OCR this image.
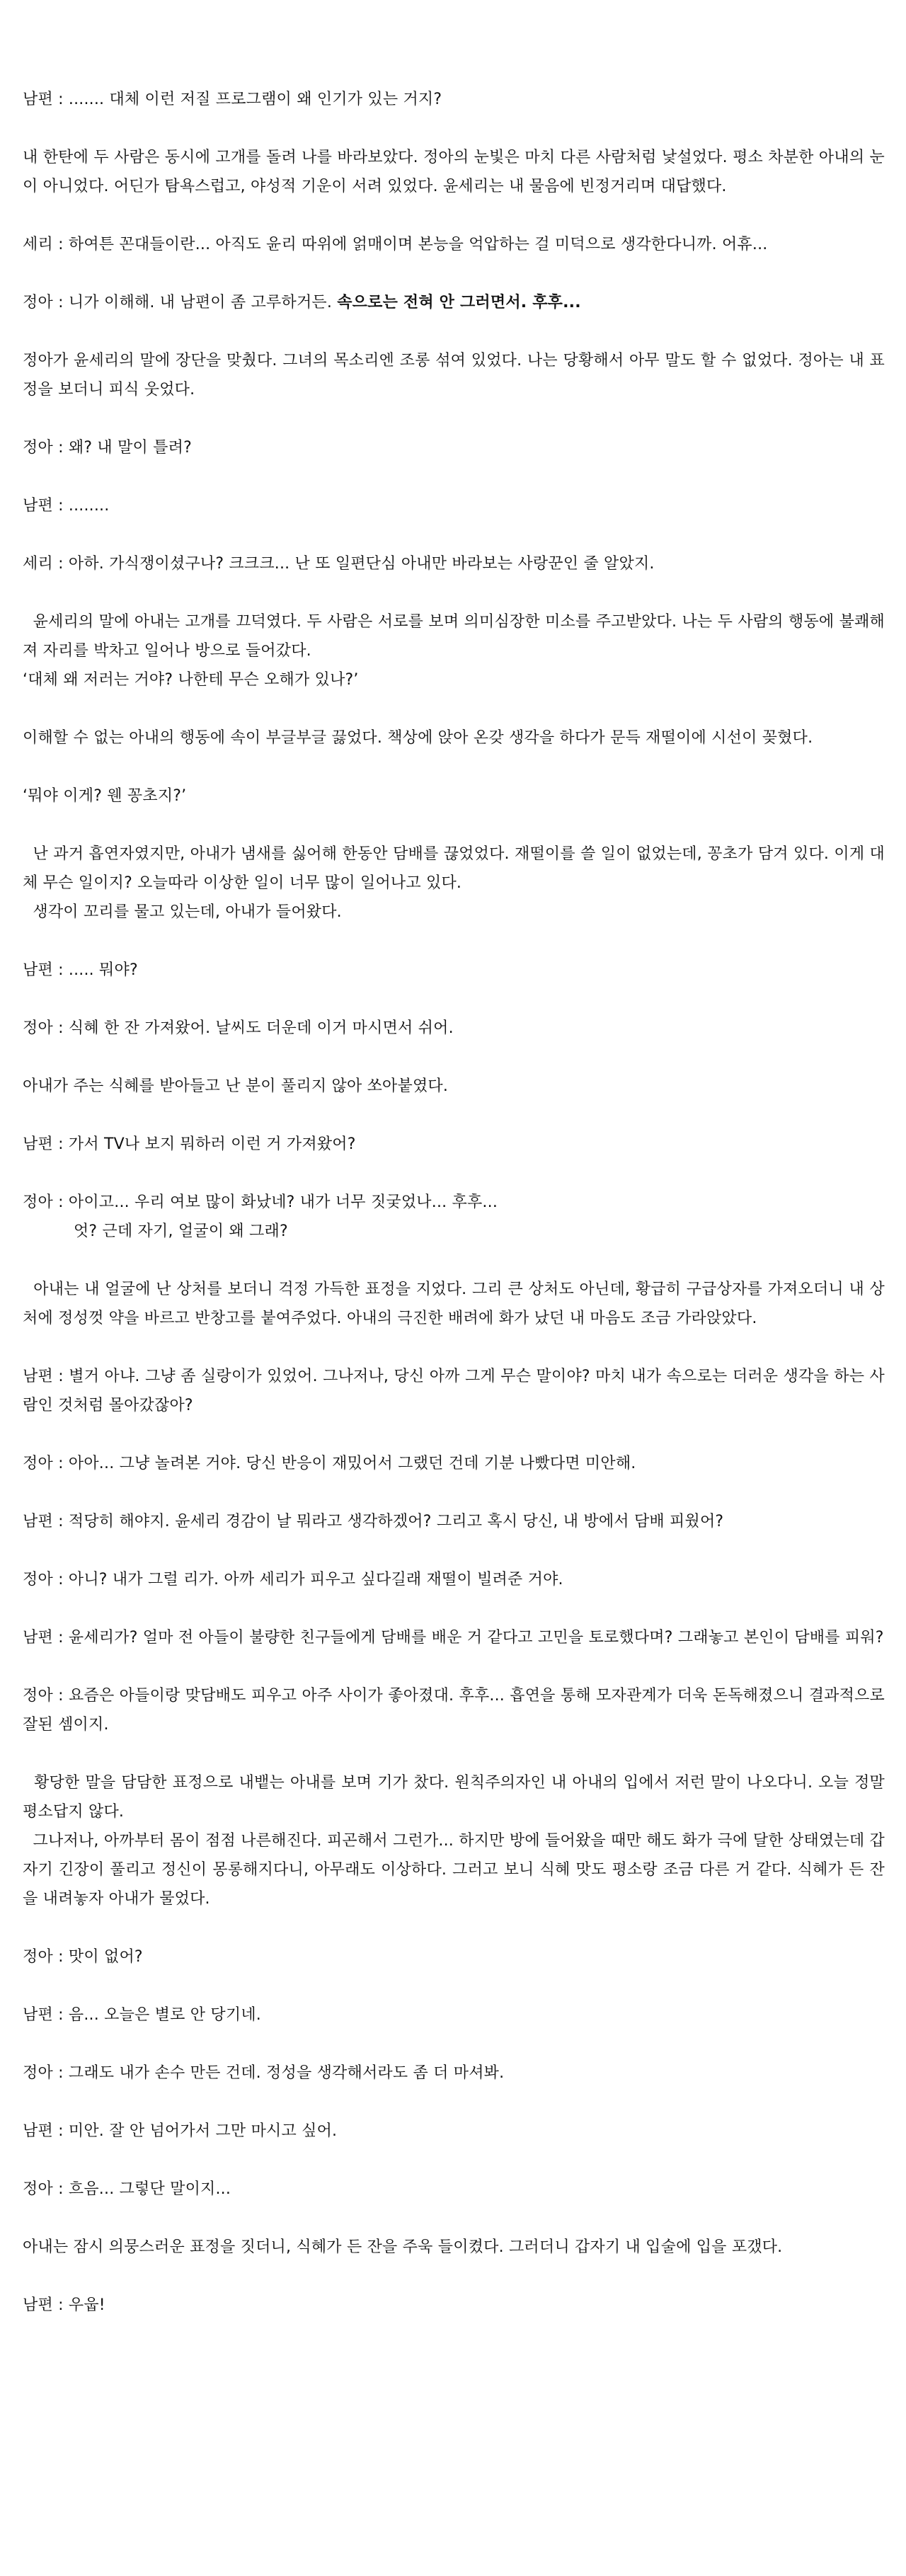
남편 : ....... 대체 이런 저질 프로그램이 왜 인기가 있는 거지?

내 한탄에 두 사람은 동시에 고개를 돌려 나를 바라보았다. 정아의 눈빛은 마치 다른 사람처럼 낯설었다. 평소 차분한 아내의 눈이 아니었다. 어딘가 탐욕스럽고, 야성적 기운이 서려 있었다. 윤세리는 내 물음에 빈정거리며 대답했다.

세리 : 하여튼 꼰대들이란... 아직도 윤리 따위에 얽매이며 본능을 억압하는 걸 미덕으로 생각한다니까. 어휴...

정아 : 니가 이해해. 내 남편이 좀 고루하거든. 속으로는 전혀 안 그러면서. 후후...

정아가 윤세리의 말에 장단을 맞췄다. 그녀의 목소리엔 조롱 섞여 있었다. 나는 당황해서 아무 말도 할 수 없었다. 정아는 내 표정을 보더니 피식 웃었다.

정아 : 왜? 내 말이 틀려?

남편 : ........

세리 : 아하. 가식쟁이셨구나? 크크크... 난 또 일편단심 아내만 바라보는 사랑꾼인 줄 알았지.

윤세리의 말에 아내는 고개를 끄덕였다. 두 사람은 서로를 보며 의미심장한 미소를 주고받았다. 나는 두 사람의 행동에 불쾌해져 자리를 박차고 일어나 방으로 들어갔다.

‘대체 왜 저러는 거야? 나한테 무슨 오해가 있나?’

이해할 수 없는 아내의 행동에 속이 부글부글 끓었다. 책상에 앉아 온갖 생각을 하다가 문득 재떨이에 시선이 꽂혔다.

‘뭐야 이게? 웬 꽁초지?’

난 과거 흡연자였지만, 아내가 냄새를 싫어해 한동안 담배를 끊었었다. 재떨이를 쓸 일이 없었는데, 꽁초가 담겨 있다. 이게 대체 무슨 일이지? 오늘따라 이상한 일이 너무 많이 일어나고 있다.

생각이 꼬리를 물고 있는데, 아내가 들어왔다.

남편 : ..... 뭐야?

정아 : 식혜 한 잔 가져왔어. 날씨도 더운데 이거 마시면서 쉬어.

아내가 주는 식혜를 받아들고 난 분이 풀리지 않아 쏘아붙였다.

남편 : 가서 TV나 보지 뭐하러 이런 거 가져왔어?

정아 : 아이고... 우리 여보 많이 화났네? 내가 너무 짓궂었나... 후후...

엇? 근데 자기, 얼굴이 왜 그래?

아내는 내 얼굴에 난 상처를 보더니 걱정 가득한 표정을 지었다. 그리 큰 상처도 아닌데, 황급히 구급상자를 가져오더니 내 상처에 정성껏 약을 바르고 반창고를 붙여주었다. 아내의 극진한 배려에 화가 났던 내 마음도 조금 가라앉았다.

남편 : 별거 아냐. 그냥 좀 실랑이가 있었어. 그나저나, 당신 아까 그게 무슨 말이야? 마치 내가 속으로는 더러운 생각을 하는 사람인 것처럼 몰아갔잖아?

정아 : 아아... 그냥 놀려본 거야. 당신 반응이 재밌어서 그랬던 건데 기분 나빴다면 미안해.

남편 : 적당히 해야지. 윤세리 경감이 날 뭐라고 생각하겠어? 그리고 혹시 당신, 내 방에서 담배 피웠어?

정아 : 아니? 내가 그럴 리가. 아까 세리가 피우고 싶다길래 재떨이 빌려준 거야.

남편 : 윤세리가? 얼마 전 아들이 불량한 친구들에게 담배를 배운 거 같다고 고민을 토로했다며? 그래놓고 본인이 담배를 피워?

정아 : 요즘은 아들이랑 맞담배도 피우고 아주 사이가 좋아졌대. 후후... 흡연을 통해 모자관계가 더욱 돈독해졌으니 결과적으로 잘된 셈이지.

황당한 말을 담담한 표정으로 내뱉는 아내를 보며 기가 찼다. 원칙주의자인 내 아내의 입에서 저런 말이 나오다니. 오늘 정말 평소답지 않다.

그나저나, 아까부터 몸이 점점 나른해진다. 피곤해서 그런가... 하지만 방에 들어왔을 때만 해도 화가 극에 달한 상태였는데 갑자기 긴장이 풀리고 정신이 몽롱해지다니, 아무래도 이상하다. 그러고 보니 식혜 맛도 평소랑 조금 다른 거 같다. 식혜가 든 잔을 내려놓자 아내가 물었다.

정아 : 맛이 없어?

남편 : 음... 오늘은 별로 안 당기네.

정아 : 그래도 내가 손수 만든 건데. 정성을 생각해서라도 좀 더 마셔봐.

남편 : 미안. 잘 안 넘어가서 그만 마시고 싶어.

정아 : 흐음... 그렇단 말이지...

아내는 잠시 의뭉스러운 표정을 짓더니, 식혜가 든 잔을 주욱 들이켰다. 그러더니 갑자기 내 입술에 입을 포갰다.

남편 : 우웁!
